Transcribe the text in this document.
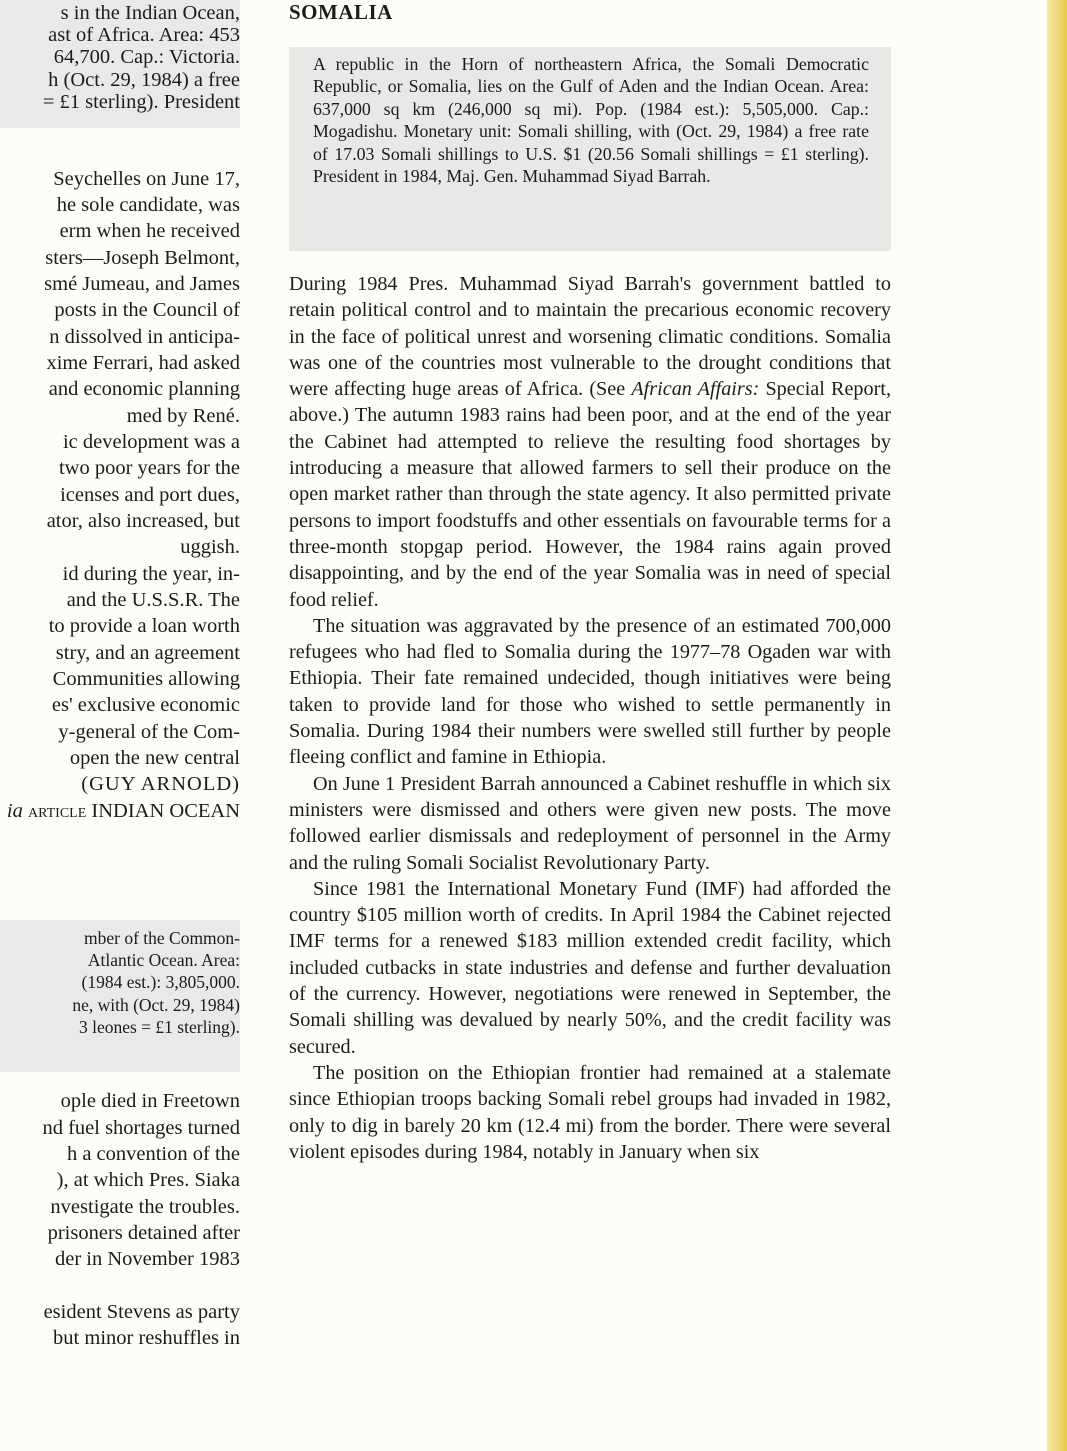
s in the Indian Ocean,
ast of Africa. Area: 453
64,700. Cap.: Victoria.
h (Oct. 29, 1984) a free
= £1 sterling). President
Seychelles on June 17,
he sole candidate, was
erm when he received
sters—Joseph Belmont,
smé Jumeau, and James
posts in the Council of
n dissolved in anticipa-
xime Ferrari, had asked
and economic planning
med by René.
ic development was a
two poor years for the
icenses and port dues,
ator, also increased, but
uggish.
id during the year, in-
and the U.S.S.R. The
to provide a loan worth
stry, and an agreement
Communities allowing
es' exclusive economic
y-general of the Com-
open the new central
(GUY ARNOLD)
ia article INDIAN OCEAN
mber of the Common-
Atlantic Ocean. Area:
(1984 est.): 3,805,000.
ne, with (Oct. 29, 1984)
3 leones = £1 sterling).
ople died in Freetown
nd fuel shortages turned
h a convention of the
), at which Pres. Siaka
nvestigate the troubles.
prisoners detained after
der in November 1983
esident Stevens as party
but minor reshuffles in
SOMALIA

A republic in the Horn of northeastern Africa, the Somali Democratic Republic, or Somalia, lies on the Gulf of Aden and the Indian Ocean. Area: 637,000 sq km (246,000 sq mi). Pop. (1984 est.): 5,505,000. Cap.: Mogadishu. Monetary unit: Somali shilling, with (Oct. 29, 1984) a free rate of 17.03 Somali shillings to U.S. $1 (20.56 Somali shillings = £1 sterling). President in 1984, Maj. Gen. Muhammad Siyad Barrah.

During 1984 Pres. Muhammad Siyad Barrah's government battled to retain political control and to maintain the precarious economic recovery in the face of political unrest and worsening climatic conditions. Somalia was one of the countries most vulnerable to the drought conditions that were affecting huge areas of Africa. (See African Affairs: Special Report, above.) The autumn 1983 rains had been poor, and at the end of the year the Cabinet had attempted to relieve the resulting food shortages by introducing a measure that allowed farmers to sell their produce on the open market rather than through the state agency. It also permitted private persons to import foodstuffs and other essentials on favourable terms for a three-month stopgap period. However, the 1984 rains again proved disappointing, and by the end of the year Somalia was in need of special food relief.

The situation was aggravated by the presence of an estimated 700,000 refugees who had fled to Somalia during the 1977–78 Ogaden war with Ethiopia. Their fate remained undecided, though initiatives were being taken to provide land for those who wished to settle permanently in Somalia. During 1984 their numbers were swelled still further by people fleeing conflict and famine in Ethiopia.

On June 1 President Barrah announced a Cabinet reshuffle in which six ministers were dismissed and others were given new posts. The move followed earlier dismissals and redeployment of personnel in the Army and the ruling Somali Socialist Revolutionary Party.

Since 1981 the International Monetary Fund (IMF) had afforded the country $105 million worth of credits. In April 1984 the Cabinet rejected IMF terms for a renewed $183 million extended credit facility, which included cutbacks in state industries and defense and further devaluation of the currency. However, negotiations were renewed in September, the Somali shilling was devalued by nearly 50%, and the credit facility was secured.

The position on the Ethiopian frontier had remained at a stalemate since Ethiopian troops backing Somali rebel groups had invaded in 1982, only to dig in barely 20 km (12.4 mi) from the border. There were several violent episodes during 1984, notably in January when six
